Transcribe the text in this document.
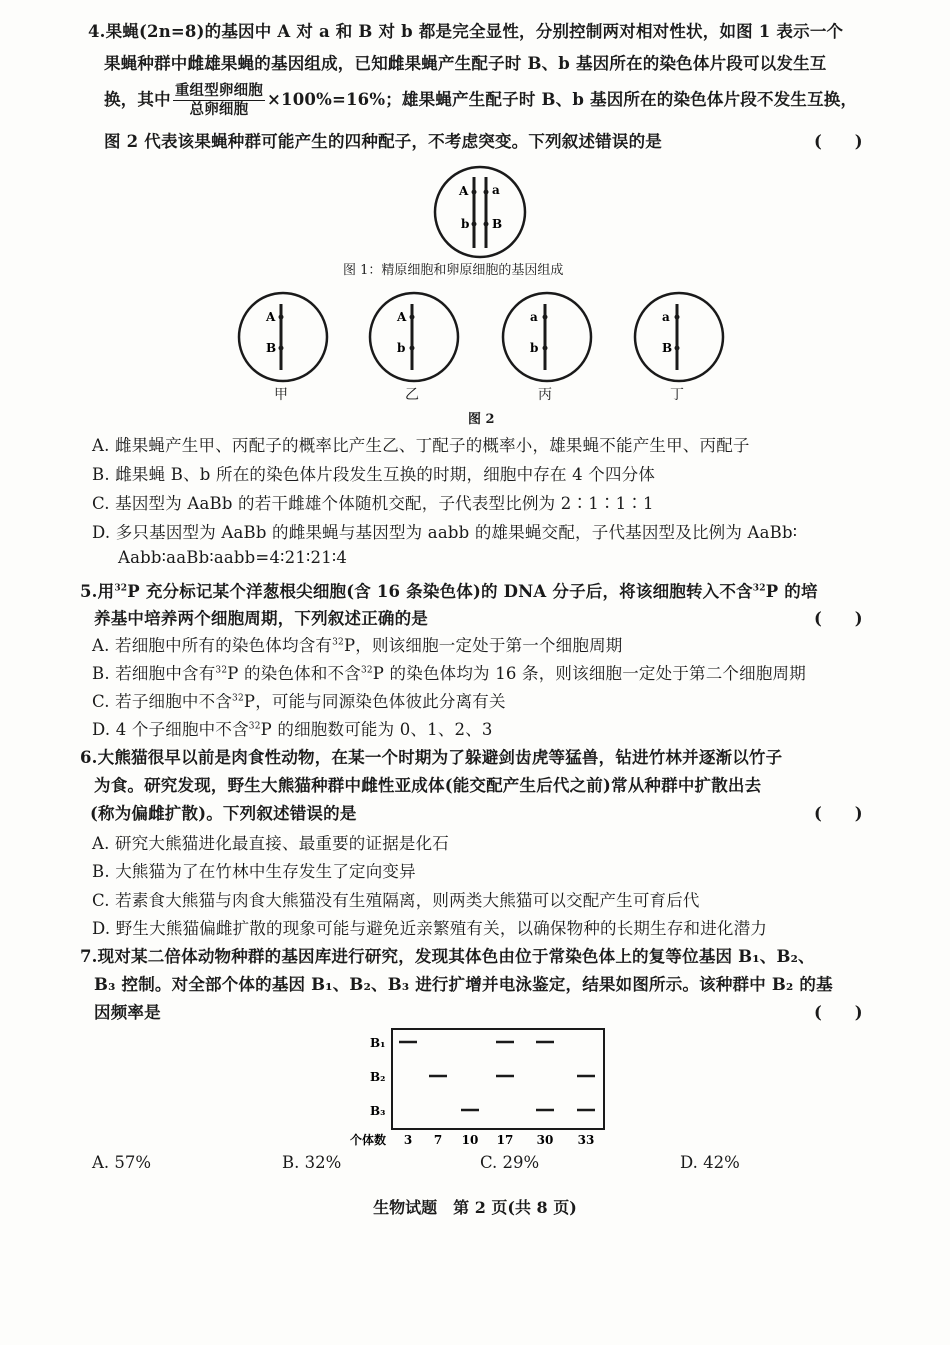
4.果蝇(2n=8)的基因中 A 对 a 和 B 对 b 都是完全显性，分别控制两对相对性状，如图 1 表示一个
果蝇种群中雌雄果蝇的基因组成，已知雌果蝇产生配子时 B、b 基因所在的染色体片段可以发生互
换，其中 $\frac{\text{重组型卵细胞}}{\text{总卵细胞}} \times 100\%=16\%$；雄果蝇产生配子时 B、b 基因所在的染色体片段不发生互换，
图 2 代表该果蝇种群可能产生的四种配子，不考虑突变。下列叙述错误的是	(　　)
A a
b B
图 1：精原细胞和卵原细胞的基因组成
A
B
甲
A
b
乙
a
b
丙
a
B
丁
图 2
A. 雌果蝇产生甲、丙配子的概率比产生乙、丁配子的概率小，雄果蝇不能产生甲、丙配子
B. 雌果蝇 B、b 所在的染色体片段发生互换的时期，细胞中存在 4 个四分体
C. 基因型为 AaBb 的若干雌雄个体随机交配，子代表型比例为 2∶1∶1∶1
D. 多只基因型为 AaBb 的雌果蝇与基因型为 aabb 的雄果蝇交配，子代基因型及比例为 AaBb∶
Aabb∶aaBb∶aabb=4∶21∶21∶4
5.用$^{32}$P 充分标记某个洋葱根尖细胞(含 16 条染色体)的 DNA 分子后，将该细胞转入不含$^{32}$P 的培
养基中培养两个细胞周期，下列叙述正确的是	(　　)
A. 若细胞中所有的染色体均含有$^{32}$P，则该细胞一定处于第一个细胞周期
B. 若细胞中含有$^{32}$P 的染色体和不含$^{32}$P 的染色体均为 16 条，则该细胞一定处于第二个细胞周期
C. 若子细胞中不含$^{32}$P，可能与同源染色体彼此分离有关
D. 4 个子细胞中不含$^{32}$P 的细胞数可能为 0、1、2、3
6.大熊猫很早以前是肉食性动物，在某一个时期为了躲避剑齿虎等猛兽，钻进竹林并逐渐以竹子
为食。研究发现，野生大熊猫种群中雌性亚成体(能交配产生后代之前)常从种群中扩散出去
(称为偏雌扩散)。下列叙述错误的是	(　　)
A. 研究大熊猫进化最直接、最重要的证据是化石
B. 大熊猫为了在竹林中生存发生了定向变异
C. 若素食大熊猫与肉食大熊猫没有生殖隔离，则两类大熊猫可以交配产生可育后代
D. 野生大熊猫偏雌扩散的现象可能与避免近亲繁殖有关，以确保物种的长期生存和进化潜力
7.现对某二倍体动物种群的基因库进行研究，发现其体色由位于常染色体上的复等位基因 B₁、B₂、
B₃ 控制。对全部个体的基因 B₁、B₂、B₃ 进行扩增并电泳鉴定，结果如图所示。该种群中 B₂ 的基
因频率是	(　　)
B₁
B₂
B₃
3 7 10 17 30 33
个体数
A. 57%	B. 32%	C. 29%	D. 42%
生物试题　第 2 页(共 8 页)
